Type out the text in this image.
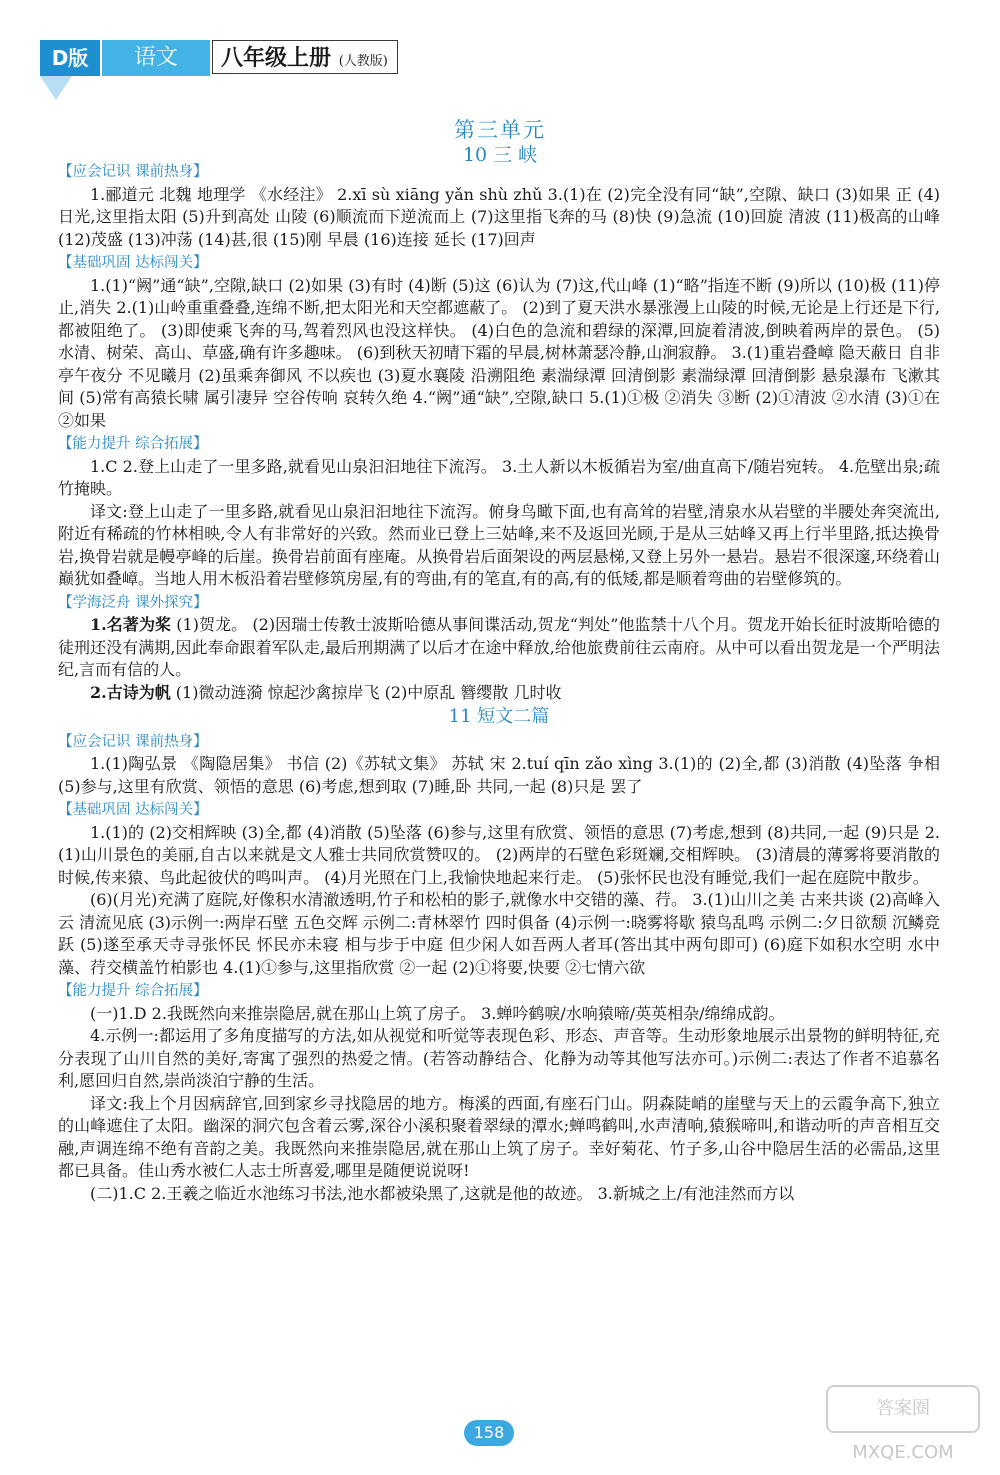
D版	语文	八年级上册 (人教版)
第三单元
10 三 峡
【应会记识 课前热身】
1.郦道元 北魏 地理学 《水经注》 2.xī sù xiāng yǎn shù zhǔ 3.(1)在 (2)完全没有同“缺”,空隙、缺口 (3)如果 正 (4)日光,这里指太阳 (5)升到高处 山陵 (6)顺流而下逆流而上 (7)这里指飞奔的马 (8)快 (9)急流 (10)回旋 清波 (11)极高的山峰 (12)茂盛 (13)冲荡 (14)甚,很 (15)刚 早晨 (16)连接 延长 (17)回声
【基础巩固 达标闯关】
1.(1)“阙”通“缺”,空隙,缺口 (2)如果 (3)有时 (4)断 (5)这 (6)认为 (7)这,代山峰 (1)“略”指连不断 (9)所以 (10)极 (11)停止,消失 2.(1)山岭重重叠叠,连绵不断,把太阳光和天空都遮蔽了。 (2)到了夏天洪水暴涨漫上山陵的时候,无论是上行还是下行,都被阻绝了。 (3)即使乘飞奔的马,驾着烈风也没这样快。 (4)白色的急流和碧绿的深潭,回旋着清波,倒映着两岸的景色。 (5)水清、树荣、高山、草盛,确有许多趣味。 (6)到秋天初晴下霜的早晨,树林萧瑟冷静,山涧寂静。 3.(1)重岩叠嶂 隐天蔽日 自非亭午夜分 不见曦月 (2)虽乘奔御风 不以疾也 (3)夏水襄陵 沿溯阻绝 素湍绿潭 回清倒影 素湍绿潭 回清倒影 悬泉瀑布 飞漱其间 (5)常有高猿长啸 属引凄异 空谷传响 哀转久绝 4.“阙”通“缺”,空隙,缺口 5.(1)①极 ②消失 ③断 (2)①清波 ②水清 (3)①在 ②如果
【能力提升 综合拓展】
1.C 2.登上山走了一里多路,就看见山泉汩汩地往下流泻。 3.土人新以木板循岩为室/曲直高下/随岩宛转。 4.危壁出泉;疏竹掩映。
译文:登上山走了一里多路,就看见山泉汩汩地往下流泻。俯身鸟瞰下面,也有高耸的岩壁,清泉水从岩壁的半腰处奔突流出,附近有稀疏的竹林相映,令人有非常好的兴致。然而业已登上三姑峰,来不及返回光顾,于是从三姑峰又再上行半里路,抵达换骨岩,换骨岩就是幔亭峰的后崖。换骨岩前面有座庵。从换骨岩后面架设的两层悬梯,又登上另外一悬岩。悬岩不很深邃,环绕着山巅犹如叠嶂。当地人用木板沿着岩壁修筑房屋,有的弯曲,有的笔直,有的高,有的低矮,都是顺着弯曲的岩壁修筑的。
【学海泛舟 课外探究】
1.名著为桨 (1)贺龙。 (2)因瑞士传教士波斯哈德从事间谍活动,贺龙“判处”他监禁十八个月。贺龙开始长征时波斯哈德的徒刑还没有满期,因此奉命跟着军队走,最后刑期满了以后才在途中释放,给他旅费前往云南府。从中可以看出贺龙是一个严明法纪,言而有信的人。
2.古诗为帆 (1)微动涟漪 惊起沙禽掠岸飞 (2)中原乱 簪缨散 几时收
11 短文二篇
【应会记识 课前热身】
1.(1)陶弘景 《陶隐居集》 书信 (2)《苏轼文集》 苏轼 宋 2.tuí qīn zǎo xìng 3.(1)的 (2)全,都 (3)消散 (4)坠落 争相 (5)参与,这里有欣赏、领悟的意思 (6)考虑,想到取 (7)睡,卧 共同,一起 (8)只是 罢了
【基础巩固 达标闯关】
1.(1)的 (2)交相辉映 (3)全,都 (4)消散 (5)坠落 (6)参与,这里有欣赏、领悟的意思 (7)考虑,想到 (8)共同,一起 (9)只是 2.(1)山川景色的美丽,自古以来就是文人雅士共同欣赏赞叹的。 (2)两岸的石壁色彩斑斓,交相辉映。 (3)清晨的薄雾将要消散的时候,传来猿、鸟此起彼伏的鸣叫声。 (4)月光照在门上,我愉快地起来行走。 (5)张怀民也没有睡觉,我们一起在庭院中散步。
(6)(月光)充满了庭院,好像积水清澈透明,竹子和松柏的影子,就像水中交错的藻、荇。 3.(1)山川之美 古来共谈 (2)高峰入云 清流见底 (3)示例一:两岸石壁 五色交辉 示例二:青林翠竹 四时俱备 (4)示例一:晓雾将歇 猿鸟乱鸣 示例二:夕日欲颓 沉鳞竞跃 (5)遂至承天寺寻张怀民 怀民亦未寝 相与步于中庭 但少闲人如吾两人者耳(答出其中两句即可) (6)庭下如积水空明 水中藻、荇交横盖竹柏影也 4.(1)①参与,这里指欣赏 ②一起 (2)①将要,快要 ②七情六欲
【能力提升 综合拓展】
(一)1.D 2.我既然向来推崇隐居,就在那山上筑了房子。 3.蝉吟鹤唳/水响猿啼/英英相杂/绵绵成韵。
4.示例一:都运用了多角度描写的方法,如从视觉和听觉等表现色彩、形态、声音等。生动形象地展示出景物的鲜明特征,充分表现了山川自然的美好,寄寓了强烈的热爱之情。(若答动静结合、化静为动等其他写法亦可。)示例二:表达了作者不追慕名利,愿回归自然,崇尚淡泊宁静的生活。
译文:我上个月因病辞官,回到家乡寻找隐居的地方。梅溪的西面,有座石门山。阴森陡峭的崖壁与天上的云霞争高下,独立的山峰遮住了太阳。幽深的洞穴包含着云雾,深谷小溪积聚着翠绿的潭水;蝉鸣鹤叫,水声清响,猿猴啼叫,和谐动听的声音相互交融,声调连绵不绝有音韵之美。我既然向来推崇隐居,就在那山上筑了房子。幸好菊花、竹子多,山谷中隐居生活的必需品,这里都已具备。佳山秀水被仁人志士所喜爱,哪里是随便说说呀!
(二)1.C 2.王羲之临近水池练习书法,池水都被染黑了,这就是他的故迹。 3.新城之上/有池洼然而方以
158
答案圈 MXQE.COM
